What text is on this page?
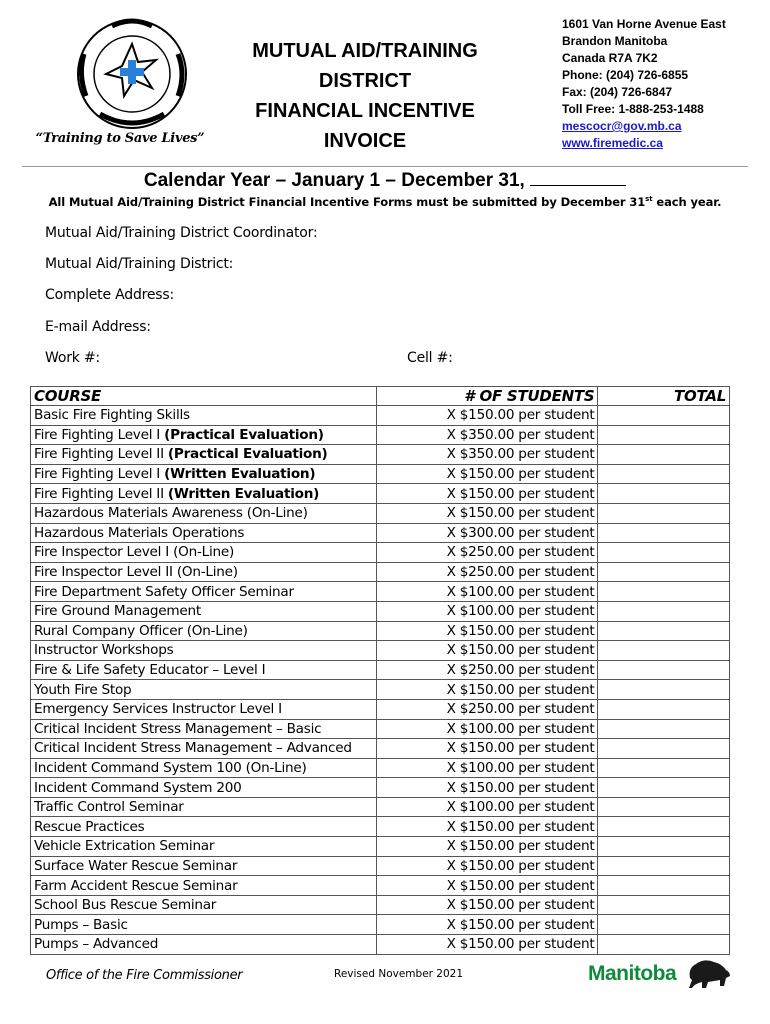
“Training to Save Lives”
MUTUAL AID/TRAINING
DISTRICT
FINANCIAL INCENTIVE
INVOICE
1601 Van Horne Avenue East
Brandon Manitoba
Canada R7A 7K2
Phone: (204) 726-6855
Fax: (204) 726-6847
Toll Free: 1-888-253-1488
mescocr@gov.mb.ca
www.firemedic.ca
Calendar Year – January 1 – December 31,
All Mutual Aid/Training District Financial Incentive Forms must be submitted by December 31st each year.
Mutual Aid/Training District Coordinator:
Mutual Aid/Training District:
Complete Address:
E-mail Address:
Work #:	Cell #:
COURSE	# OF STUDENTS	TOTAL
Basic Fire Fighting Skills	X $150.00 per student	
Fire Fighting Level I (Practical Evaluation)	X $350.00 per student	
Fire Fighting Level II (Practical Evaluation)	X $350.00 per student	
Fire Fighting Level I (Written Evaluation)	X $150.00 per student	
Fire Fighting Level II (Written Evaluation)	X $150.00 per student	
Hazardous Materials Awareness (On-Line)	X $150.00 per student	
Hazardous Materials Operations	X $300.00 per student	
Fire Inspector Level I (On-Line)	X $250.00 per student	
Fire Inspector Level II (On-Line)	X $250.00 per student	
Fire Department Safety Officer Seminar	X $100.00 per student	
Fire Ground Management	X $100.00 per student	
Rural Company Officer (On-Line)	X $150.00 per student	
Instructor Workshops	X $150.00 per student	
Fire & Life Safety Educator – Level I	X $250.00 per student	
Youth Fire Stop	X $150.00 per student	
Emergency Services Instructor Level I	X $250.00 per student	
Critical Incident Stress Management – Basic	X $100.00 per student	
Critical Incident Stress Management – Advanced	X $150.00 per student	
Incident Command System 100 (On-Line)	X $100.00 per student	
Incident Command System 200	X $150.00 per student	
Traffic Control Seminar	X $100.00 per student	
Rescue Practices	X $150.00 per student	
Vehicle Extrication Seminar	X $150.00 per student	
Surface Water Rescue Seminar	X $150.00 per student	
Farm Accident Rescue Seminar	X $150.00 per student	
School Bus Rescue Seminar	X $150.00 per student	
Pumps – Basic	X $150.00 per student	
Pumps – Advanced	X $150.00 per student	
Office of the Fire Commissioner	Revised November 2021	Manitoba
